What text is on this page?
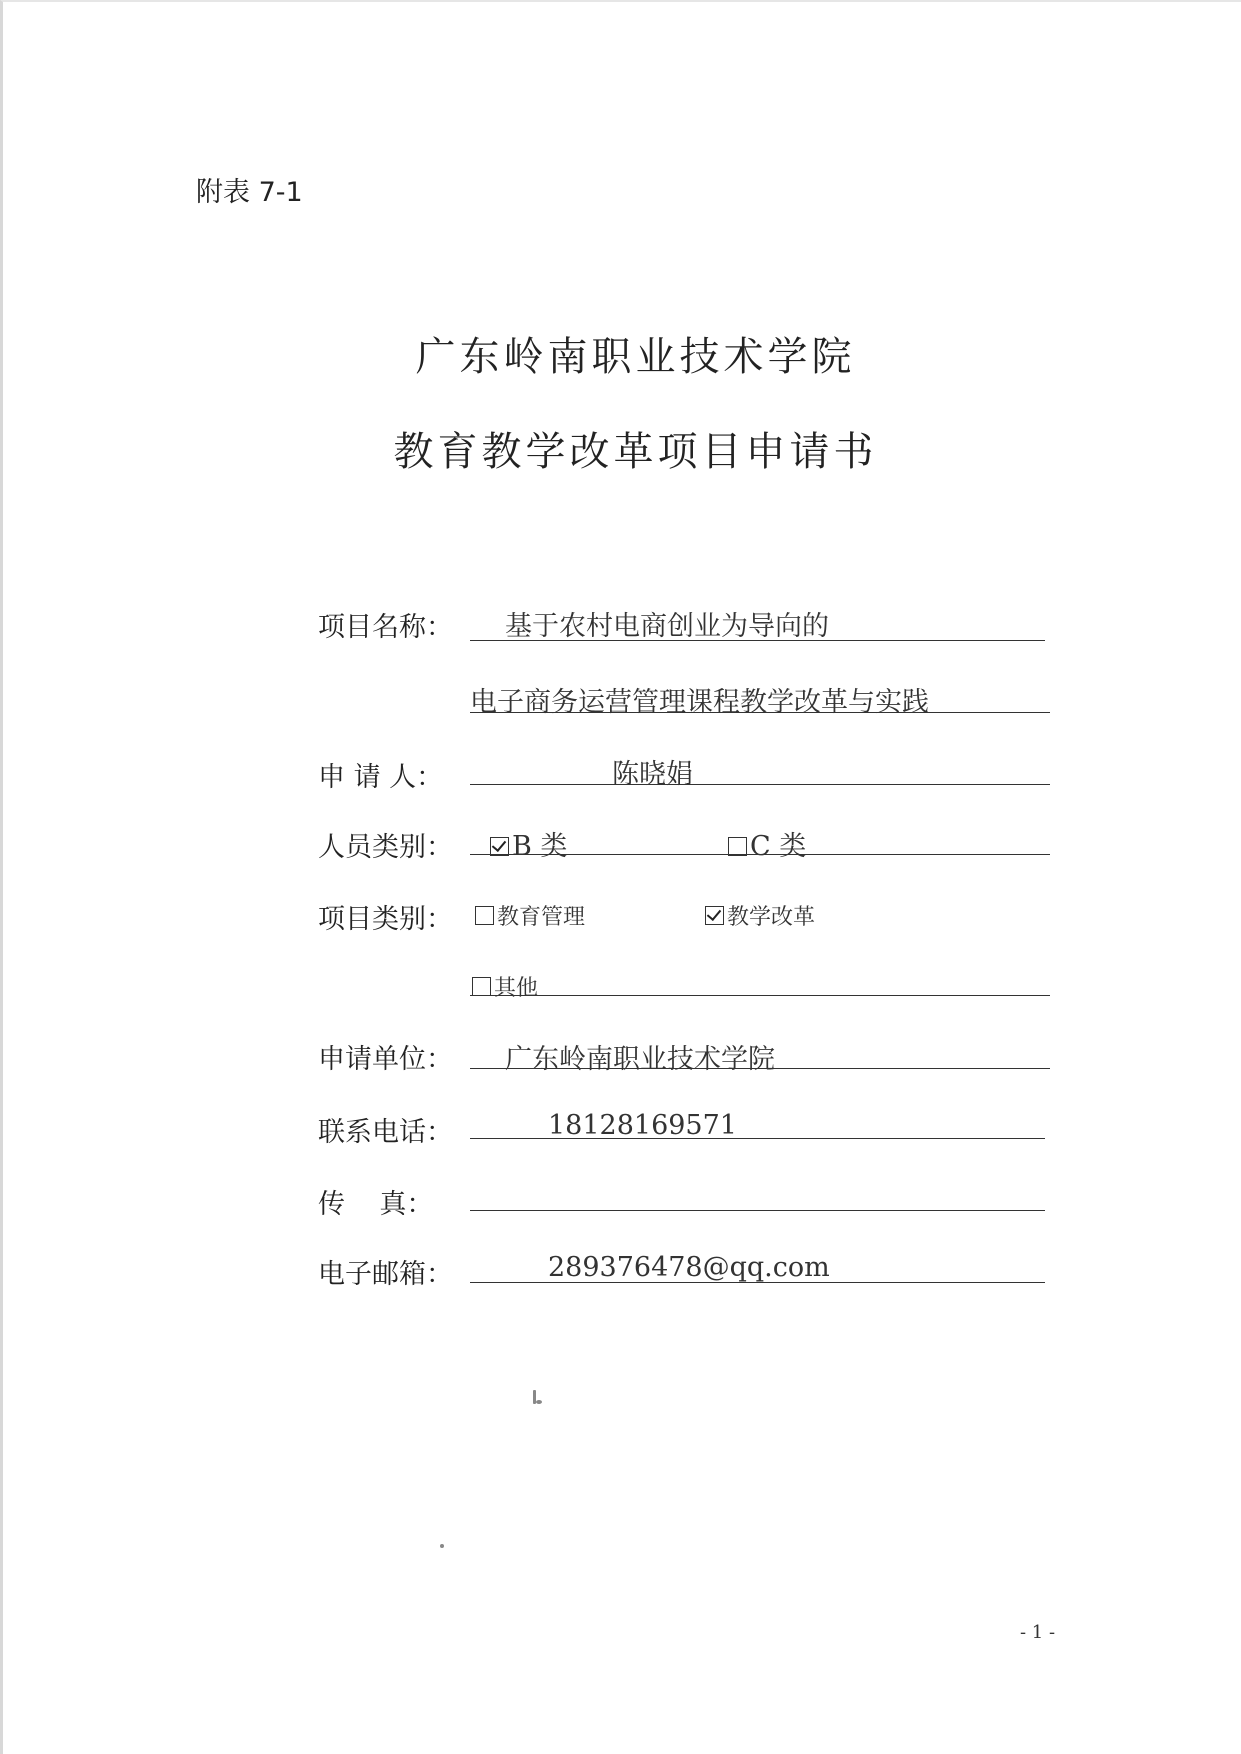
附表 7-1
广东岭南职业技术学院
教育教学改革项目申请书
项目名称： 基于农村电商创业为导向的
电子商务运营管理课程教学改革与实践
申 请 人：	陈晓娟
人员类别：	B 类	C 类
项目类别：	教育管理	教学改革
其他
申请单位： 广东岭南职业技术学院
联系电话：	18128169571
传    真：
电子邮箱：	289376478@qq.com
- 1 -
